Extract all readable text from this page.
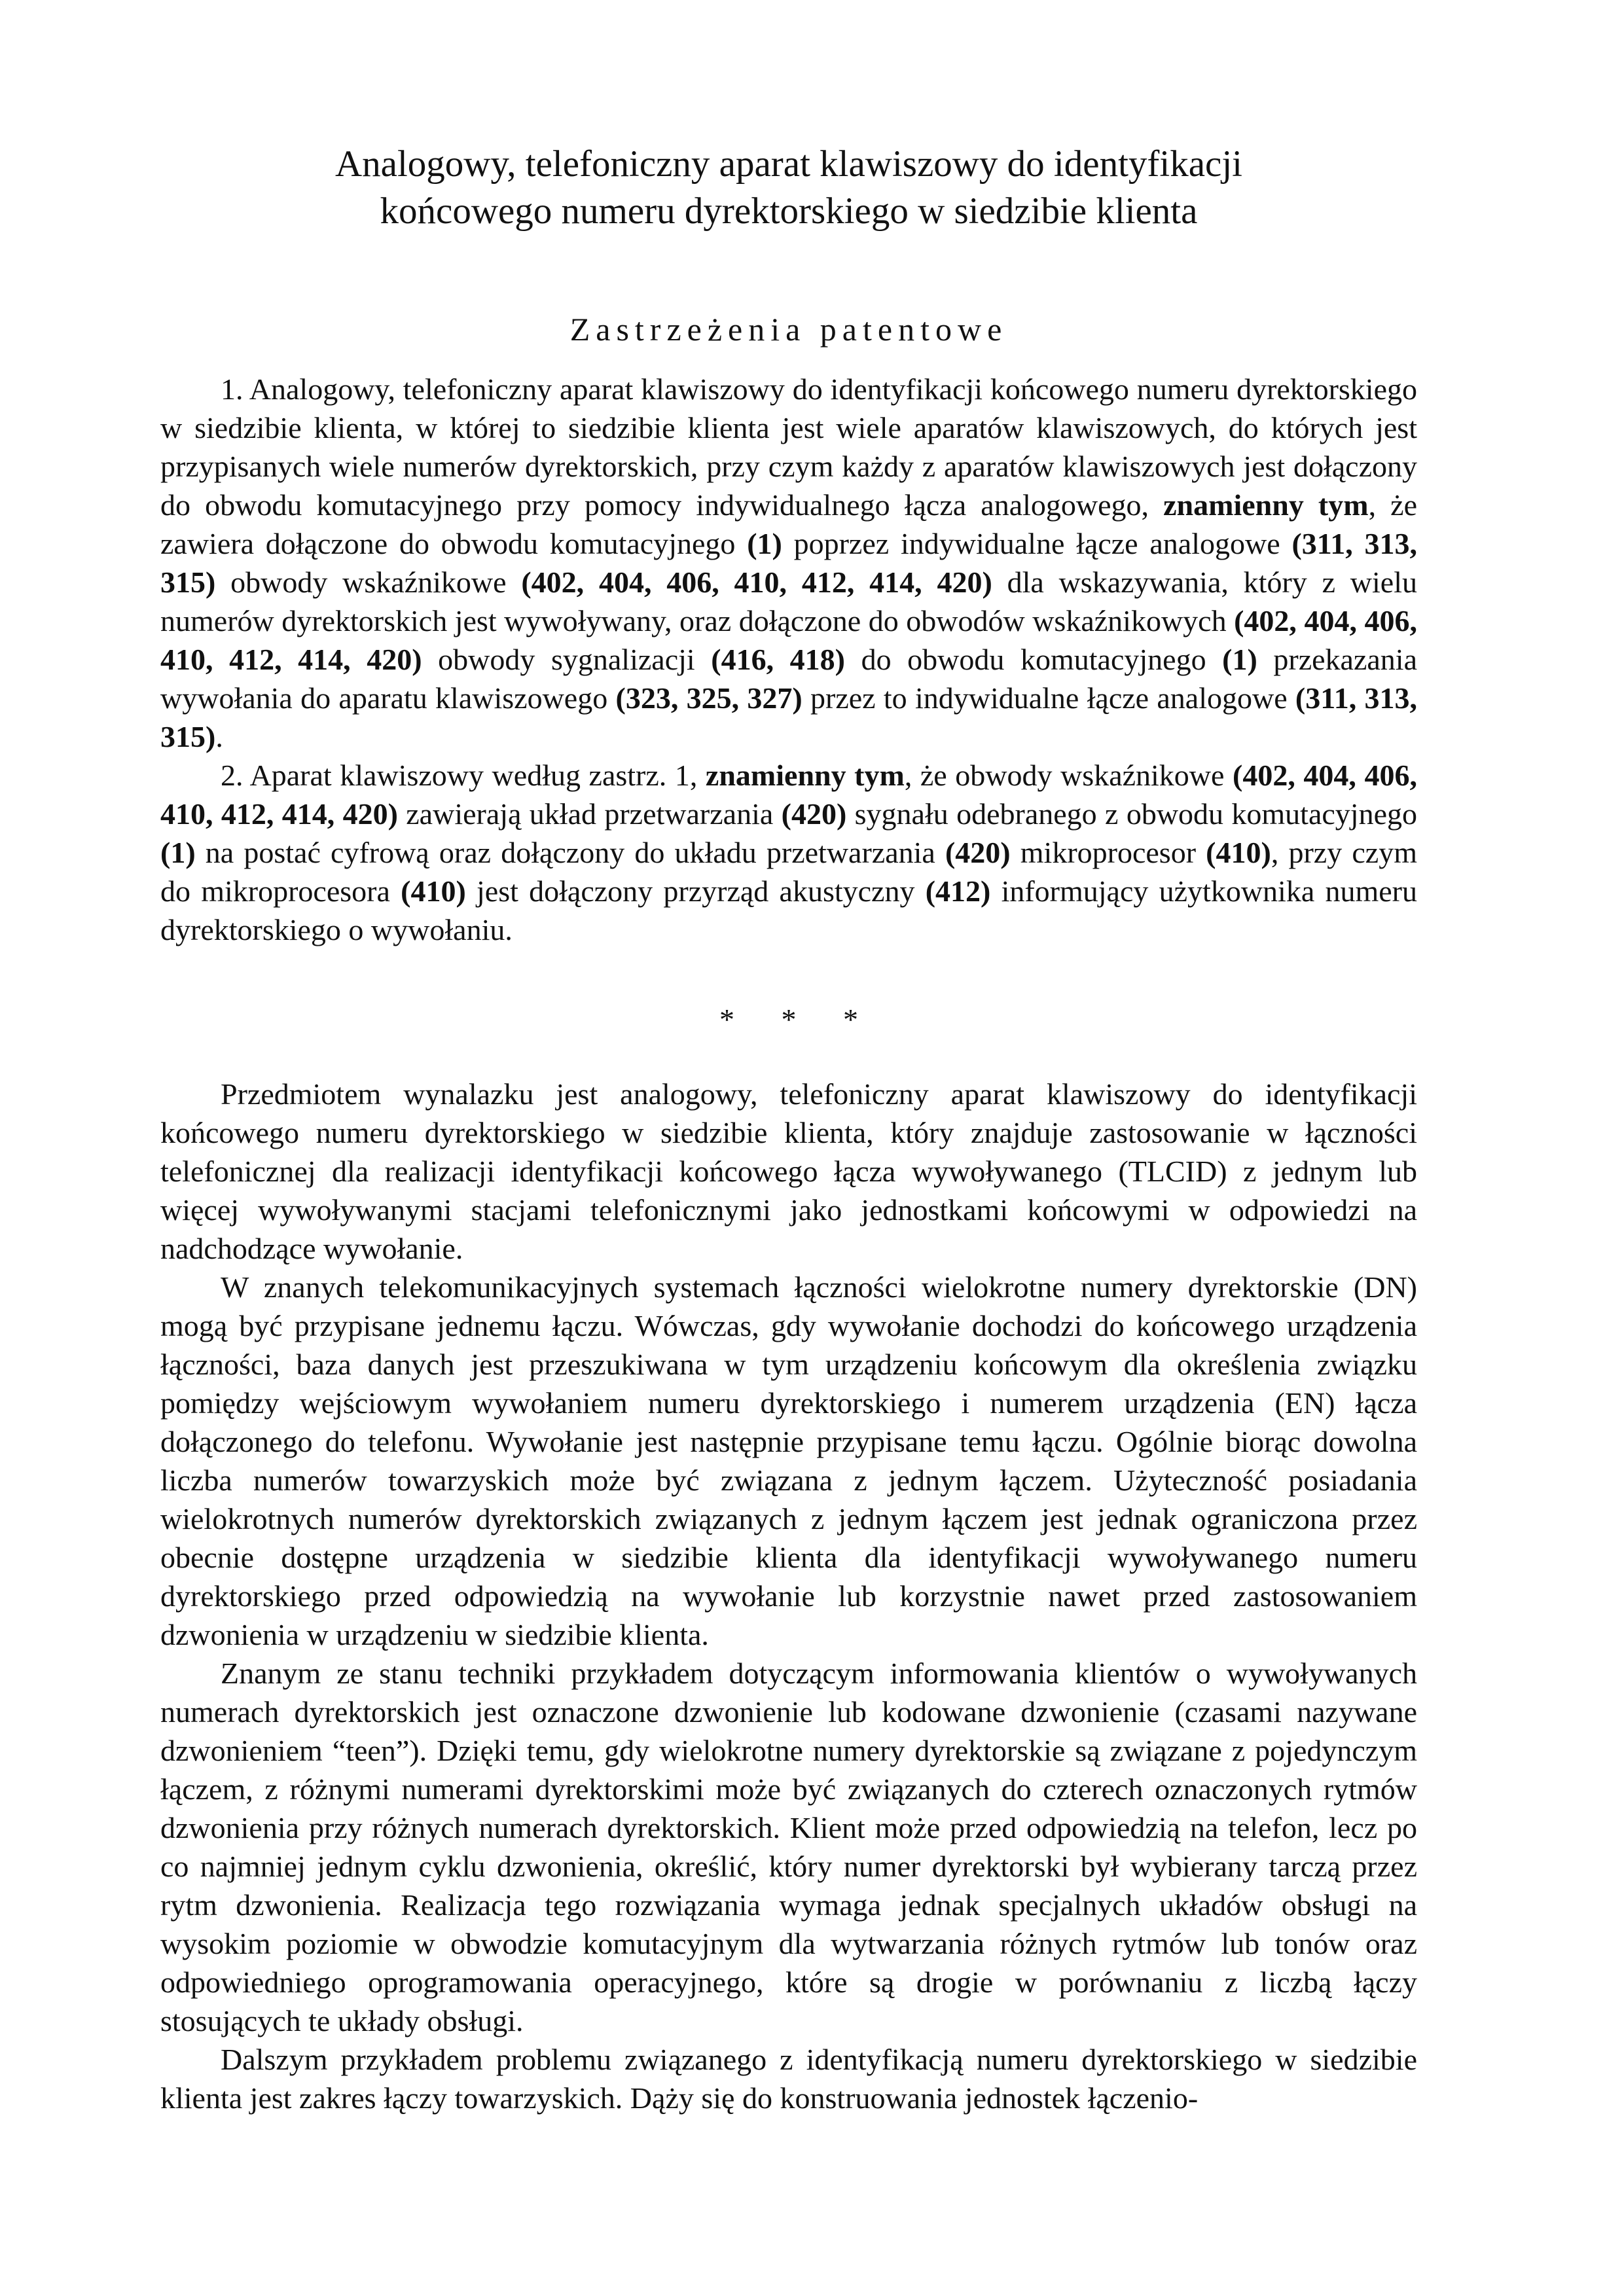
Analogowy, telefoniczny aparat klawiszowy do identyfikacji
końcowego numeru dyrektorskiego w siedzibie klienta
Zastrzeżenia patentowe

1. Analogowy, telefoniczny aparat klawiszowy do identyfikacji końcowego numeru dyrektorskiego w siedzibie klienta, w której to siedzibie klienta jest wiele aparatów klawiszowych, do których jest przypisanych wiele numerów dyrektorskich, przy czym każdy z aparatów klawiszowych jest dołączony do obwodu komutacyjnego przy pomocy indywidualnego łącza analogowego, znamienny tym, że zawiera dołączone do obwodu komutacyjnego (1) poprzez indywidualne łącze analogowe (311, 313, 315) obwody wskaźnikowe (402, 404, 406, 410, 412, 414, 420) dla wskazywania, który z wielu numerów dyrektorskich jest wywoływany, oraz dołączone do obwodów wskaźnikowych (402, 404, 406, 410, 412, 414, 420) obwody sygnalizacji (416, 418) do obwodu komutacyjnego (1) przekazania wywołania do aparatu klawiszowego (323, 325, 327) przez to indywidualne łącze analogowe (311, 313, 315).

2. Aparat klawiszowy według zastrz. 1, znamienny tym, że obwody wskaźnikowe (402, 404, 406, 410, 412, 414, 420) zawierają układ przetwarzania (420) sygnału odebranego z obwodu komutacyjnego (1) na postać cyfrową oraz dołączony do układu przetwarzania (420) mikroprocesor (410), przy czym do mikroprocesora (410) jest dołączony przyrząd akustyczny (412) informujący użytkownika numeru dyrektorskiego o wywołaniu.

* * *

Przedmiotem wynalazku jest analogowy, telefoniczny aparat klawiszowy do identyfikacji końcowego numeru dyrektorskiego w siedzibie klienta, który znajduje zastosowanie w łączności telefonicznej dla realizacji identyfikacji końcowego łącza wywoływanego (TLCID) z jednym lub więcej wywoływanymi stacjami telefonicznymi jako jednostkami końcowymi w odpowiedzi na nadchodzące wywołanie.

W znanych telekomunikacyjnych systemach łączności wielokrotne numery dyrektorskie (DN) mogą być przypisane jednemu łączu. Wówczas, gdy wywołanie dochodzi do końcowego urządzenia łączności, baza danych jest przeszukiwana w tym urządzeniu końcowym dla określenia związku pomiędzy wejściowym wywołaniem numeru dyrektorskiego i numerem urządzenia (EN) łącza dołączonego do telefonu. Wywołanie jest następnie przypisane temu łączu. Ogólnie biorąc dowolna liczba numerów towarzyskich może być związana z jednym łączem. Użyteczność posiadania wielokrotnych numerów dyrektorskich związanych z jednym łączem jest jednak ograniczona przez obecnie dostępne urządzenia w siedzibie klienta dla identyfikacji wywoływanego numeru dyrektorskiego przed odpowiedzią na wywołanie lub korzystnie nawet przed zastosowaniem dzwonienia w urządzeniu w siedzibie klienta.

Znanym ze stanu techniki przykładem dotyczącym informowania klientów o wywoływanych numerach dyrektorskich jest oznaczone dzwonienie lub kodowane dzwonienie (czasami nazywane dzwonieniem “teen”). Dzięki temu, gdy wielokrotne numery dyrektorskie są związane z pojedynczym łączem, z różnymi numerami dyrektorskimi może być związanych do czterech oznaczonych rytmów dzwonienia przy różnych numerach dyrektorskich. Klient może przed odpowiedzią na telefon, lecz po co najmniej jednym cyklu dzwonienia, określić, który numer dyrektorski był wybierany tarczą przez rytm dzwonienia. Realizacja tego rozwiązania wymaga jednak specjalnych układów obsługi na wysokim poziomie w obwodzie komutacyjnym dla wytwarzania różnych rytmów lub tonów oraz odpowiedniego oprogramowania operacyjnego, które są drogie w porównaniu z liczbą łączy stosujących te układy obsługi.

Dalszym przykładem problemu związanego z identyfikacją numeru dyrektorskiego w siedzibie klienta jest zakres łączy towarzyskich. Dąży się do konstruowania jednostek łączenio-
